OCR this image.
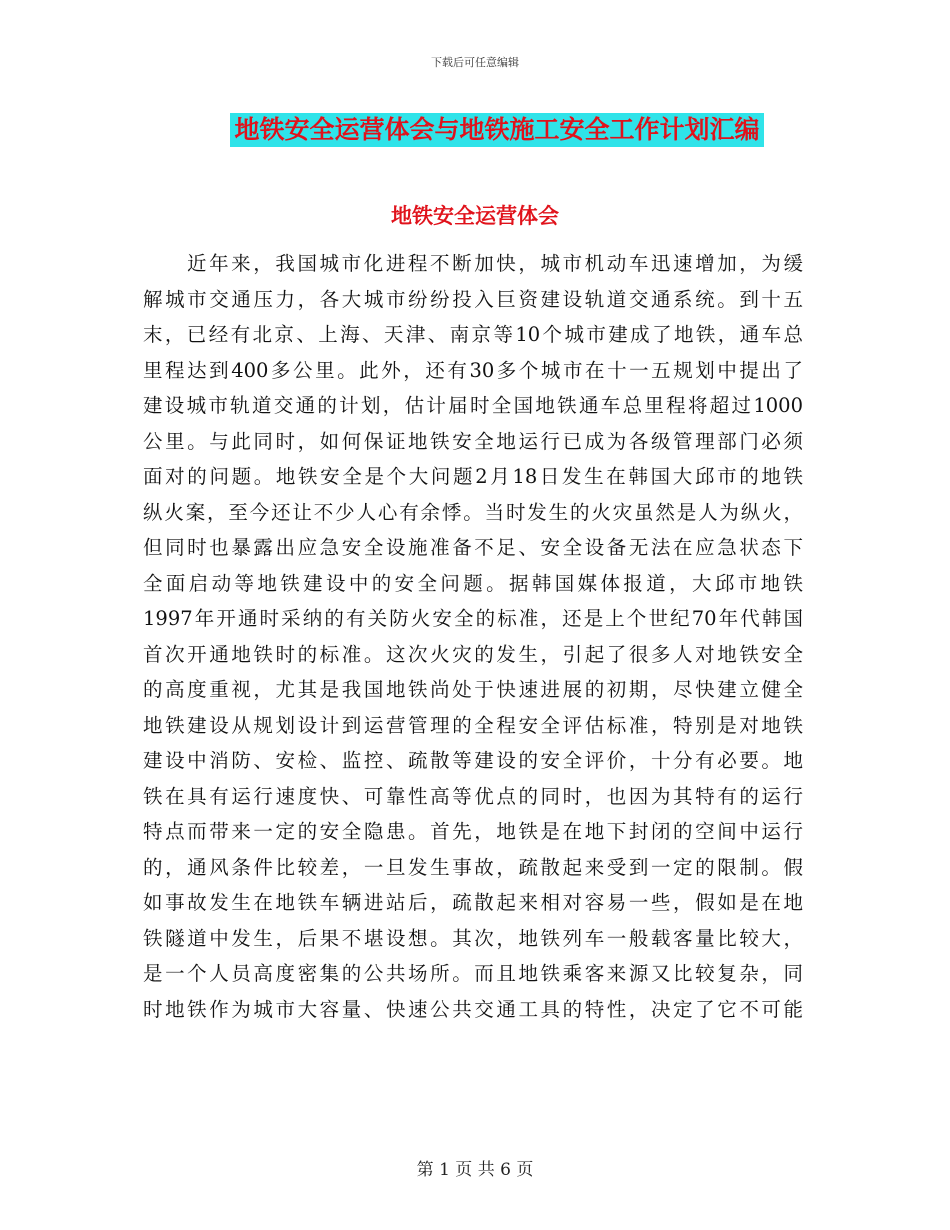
下载后可任意编辑
地铁安全运营体会与地铁施工安全工作计划汇编
地铁安全运营体会
近年来，我国城市化进程不断加快，城市机动车迅速增加，为缓
解城市交通压力，各大城市纷纷投入巨资建设轨道交通系统。到十五
末，已经有北京、上海、天津、南京等10个城市建成了地铁，通车总
里程达到400多公里。此外，还有30多个城市在十一五规划中提出了
建设城市轨道交通的计划，估计届时全国地铁通车总里程将超过1000
公里。与此同时，如何保证地铁安全地运行已成为各级管理部门必须
面对的问题。地铁安全是个大问题2月18日发生在韩国大邱市的地铁
纵火案，至今还让不少人心有余悸。当时发生的火灾虽然是人为纵火，
但同时也暴露出应急安全设施准备不足、安全设备无法在应急状态下
全面启动等地铁建设中的安全问题。据韩国媒体报道，大邱市地铁
1997年开通时采纳的有关防火安全的标准，还是上个世纪70年代韩国
首次开通地铁时的标准。这次火灾的发生，引起了很多人对地铁安全
的高度重视，尤其是我国地铁尚处于快速进展的初期，尽快建立健全
地铁建设从规划设计到运营管理的全程安全评估标准，特别是对地铁
建设中消防、安检、监控、疏散等建设的安全评价，十分有必要。地
铁在具有运行速度快、可靠性高等优点的同时，也因为其特有的运行
特点而带来一定的安全隐患。首先，地铁是在地下封闭的空间中运行
的，通风条件比较差，一旦发生事故，疏散起来受到一定的限制。假
如事故发生在地铁车辆进站后，疏散起来相对容易一些，假如是在地
铁隧道中发生，后果不堪设想。其次，地铁列车一般载客量比较大，
是一个人员高度密集的公共场所。而且地铁乘客来源又比较复杂，同
时地铁作为城市大容量、快速公共交通工具的特性，决定了它不可能
第 1 页 共 6 页
